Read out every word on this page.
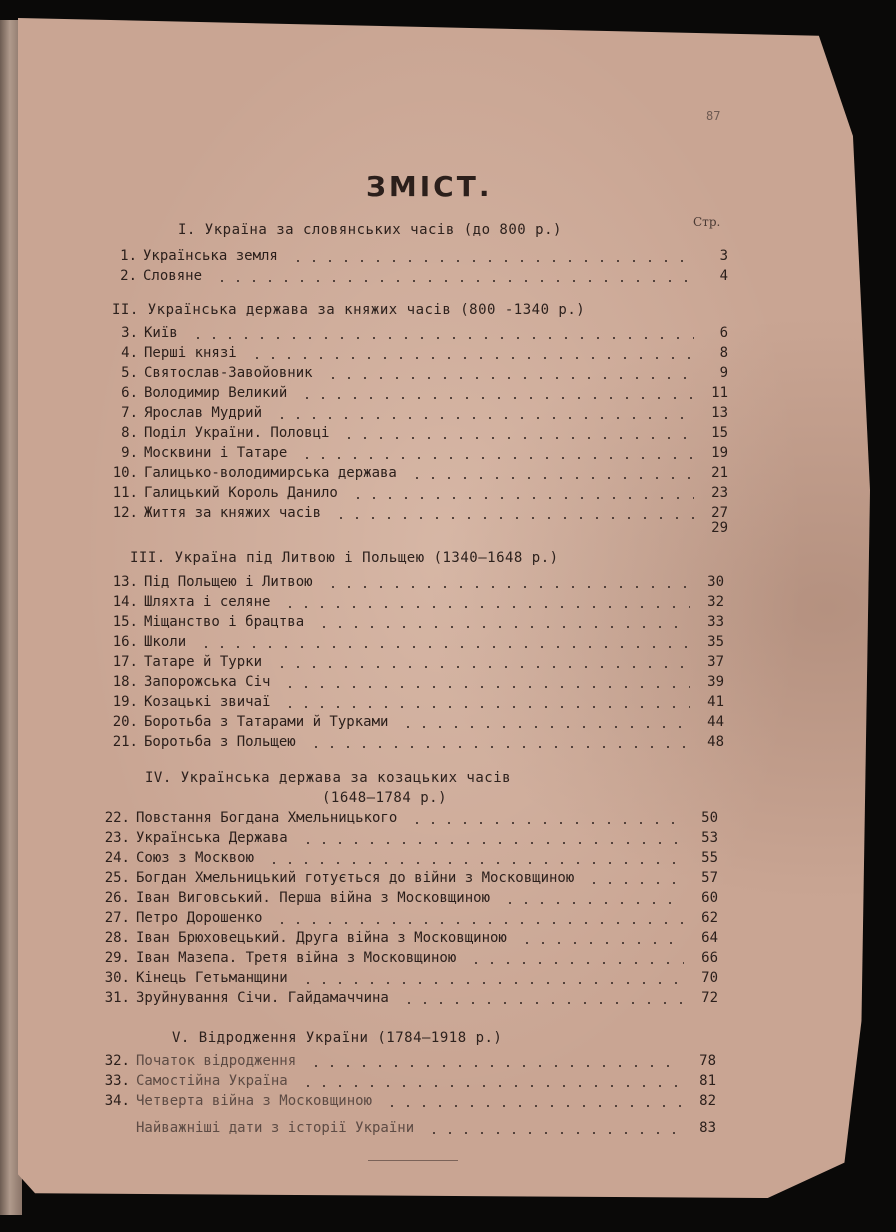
87
ЗМІСТ.
Стр.
I. Україна за словянських часів (до 800 р.)
1. Українська земля	3
2. Словяне	4
II. Українська держава за княжих часів (800 -1340 р.)
3. Київ	6
4. Перші князі	8
5. Святослав-Завойовник	9
6. Володимир Великий	11
7. Ярослав Мудрий	13
8. Поділ України. Половці	15
9. Москвини і Татаре	19
10. Галицько-володимирська держава	21
11. Галицький Король Данило	23
12. Життя за княжих часів	27
29
III. Україна під Литвою і Польщею (1340—1648 р.)
13. Під Польщею і Литвою	30
14. Шляхта і селяне	32
15. Міщанство і брацтва	33
16. Школи	35
17. Татаре й Турки	37
18. Запорожська Січ	39
19. Козацькі звичаї	41
20. Боротьба з Татарами й Турками	44
21. Боротьба з Польщею	48
IV. Українська держава за козацьких часів
(1648—1784 р.)
22. Повстання Богдана Хмельницького	50
23. Українська Держава	53
24. Союз з Москвою	55
25. Богдан Хмельницький готується до війни з Московщиною	57
26. Іван Виговський. Перша війна з Московщиною	60
27. Петро Дорошенко	62
28. Іван Брюховецький. Друга війна з Московщиною	64
29. Іван Мазепа. Третя війна з Московщиною	66
30. Кінець Гетьманщини	70
31. Зруйнування Січи. Гайдамаччина	72
V. Відродження України (1784—1918 р.)
32. Початок відродження	78
33. Самостійна Україна	81
34. Четверта війна з Московщиною	82
Найважніші дати з історії України	83
